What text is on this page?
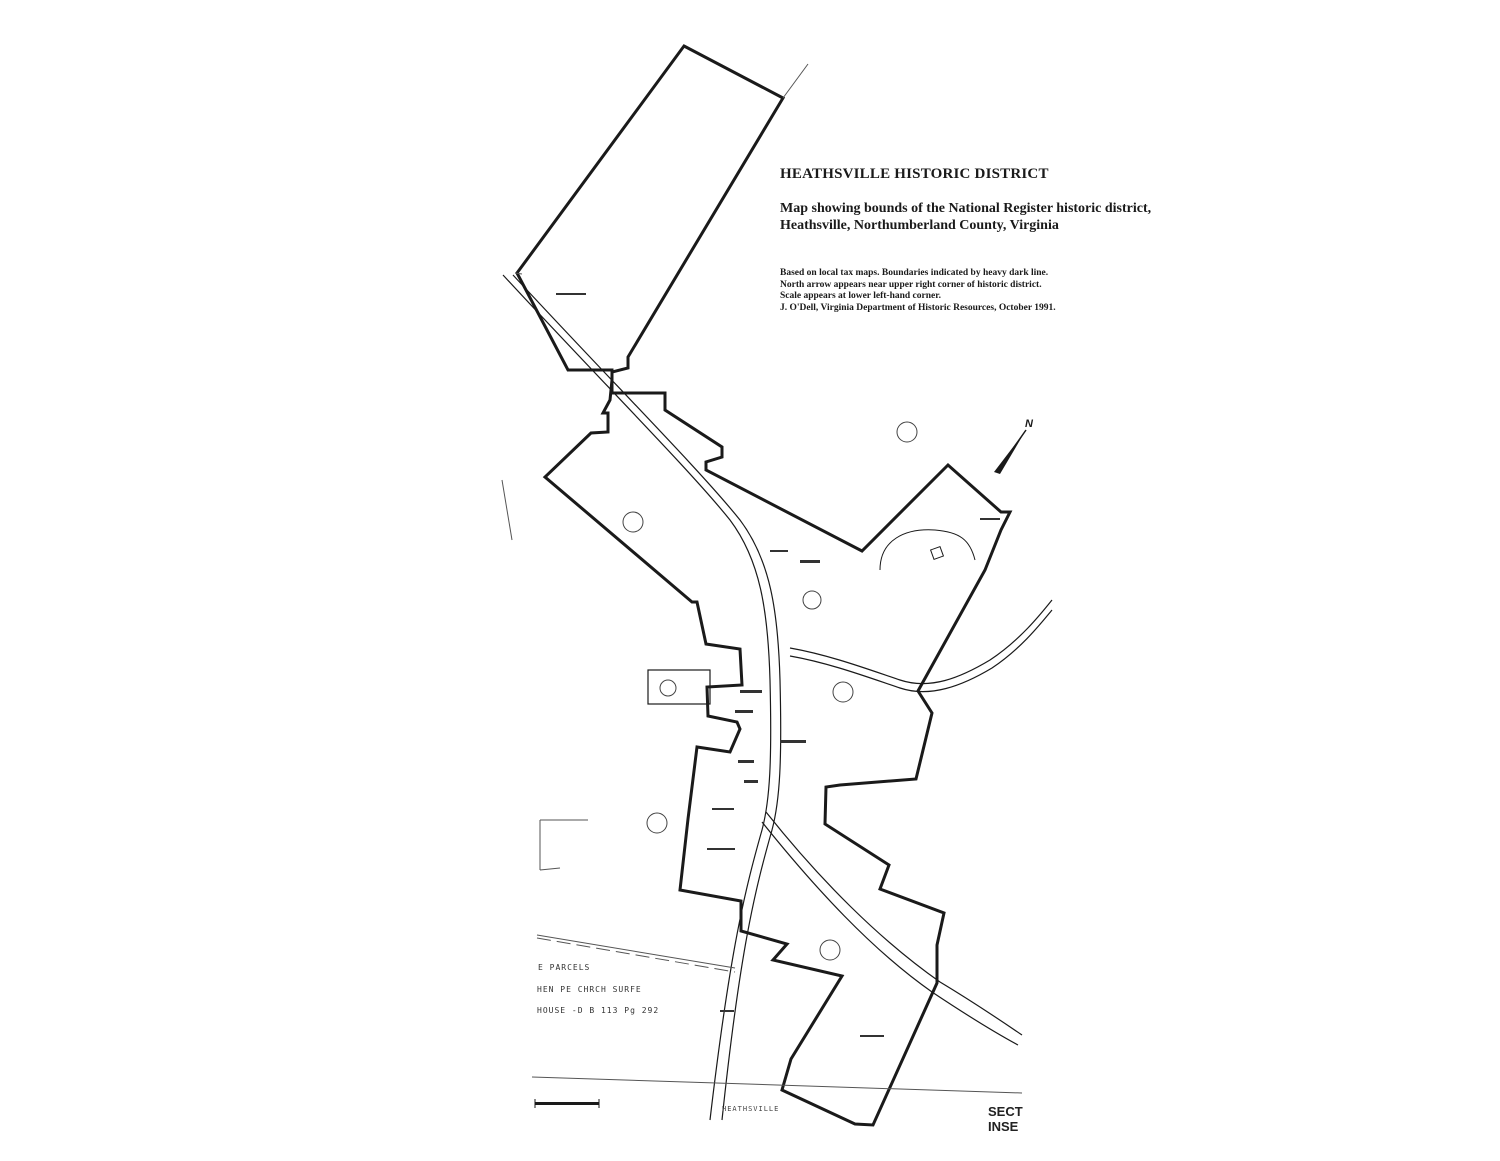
HEATHSVILLE HISTORIC DISTRICT
Map showing bounds of the National Register historic district, Heathsville, Northumberland County, Virginia
Based on local tax maps. Boundaries indicated by heavy dark line.
North arrow appears near upper right corner of historic district.
Scale appears at lower left-hand corner.
J. O'Dell, Virginia Department of Historic Resources, October 1991.
N
E PARCELS
HEN PE CHRCH SURFE
HOUSE -D B 113 Pg 292
HEATHSVILLE	SECT
INSE
